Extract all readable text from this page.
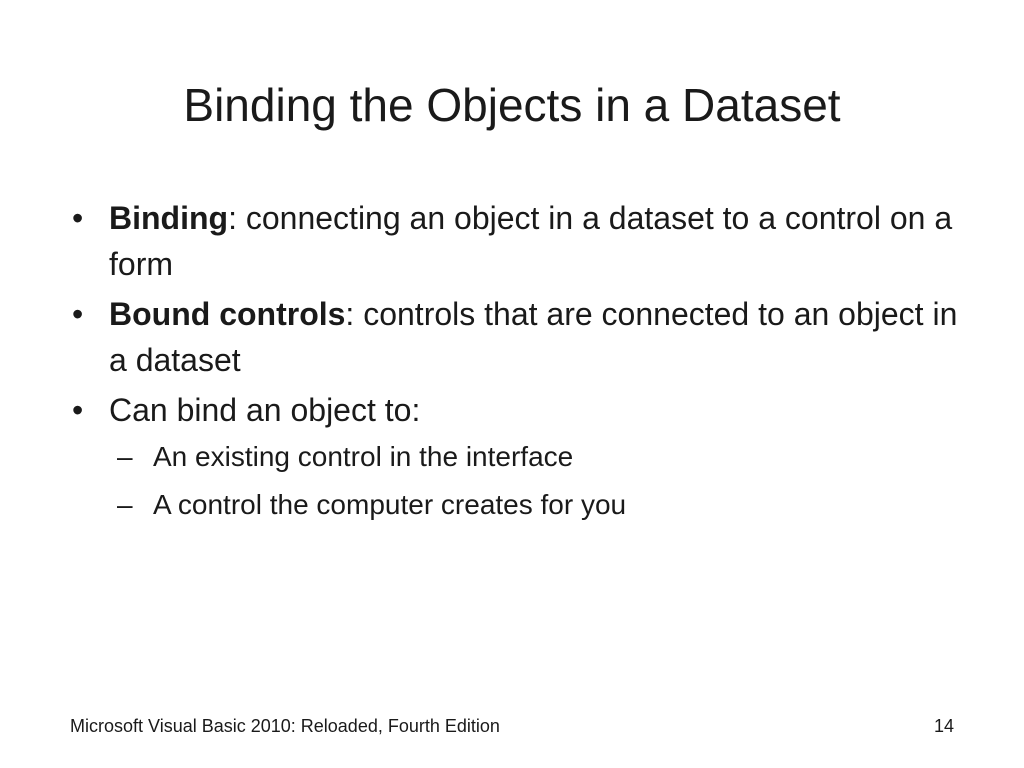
Binding the Objects in a Dataset
• Binding: connecting an object in a dataset to a control on a form
• Bound controls: controls that are connected to an object in a dataset
• Can bind an object to:
– An existing control in the interface
– A control the computer creates for you
Microsoft Visual Basic 2010: Reloaded, Fourth Edition	14
